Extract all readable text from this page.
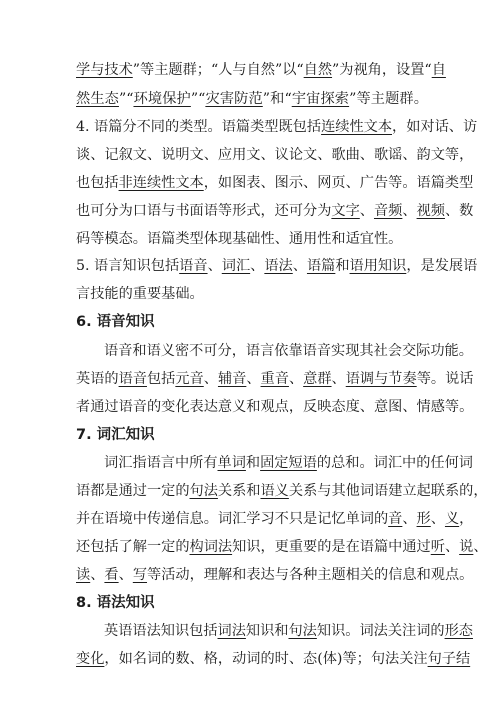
学与技术”等主题群；“人与自然”以“自然”为视角，设置“自
然生态”“环境保护”“灾害防范”和“宇宙探索”等主题群。
4. 语篇分不同的类型。语篇类型既包括连续性文本，如对话、访
谈、记叙文、说明文、应用文、议论文、歌曲、歌谣、韵文等，
也包括非连续性文本，如图表、图示、网页、广告等。语篇类型
也可分为口语与书面语等形式，还可分为文字、音频、视频、数
码等模态。语篇类型体现基础性、通用性和适宜性。
5. 语言知识包括语音、词汇、语法、语篇和语用知识，是发展语
言技能的重要基础。
6. 语音知识
语音和语义密不可分，语言依靠语音实现其社会交际功能。
英语的语音包括元音、辅音、重音、意群、语调与节奏等。说话
者通过语音的变化表达意义和观点，反映态度、意图、情感等。
7. 词汇知识
词汇指语言中所有单词和固定短语的总和。词汇中的任何词
语都是通过一定的句法关系和语义关系与其他词语建立起联系的，
并在语境中传递信息。词汇学习不只是记忆单词的音、形、义，
还包括了解一定的构词法知识，更重要的是在语篇中通过听、说、
读、看、写等活动，理解和表达与各种主题相关的信息和观点。
8. 语法知识
英语语法知识包括词法知识和句法知识。词法关注词的形态
变化，如名词的数、格，动词的时、态(体)等；句法关注句子结
